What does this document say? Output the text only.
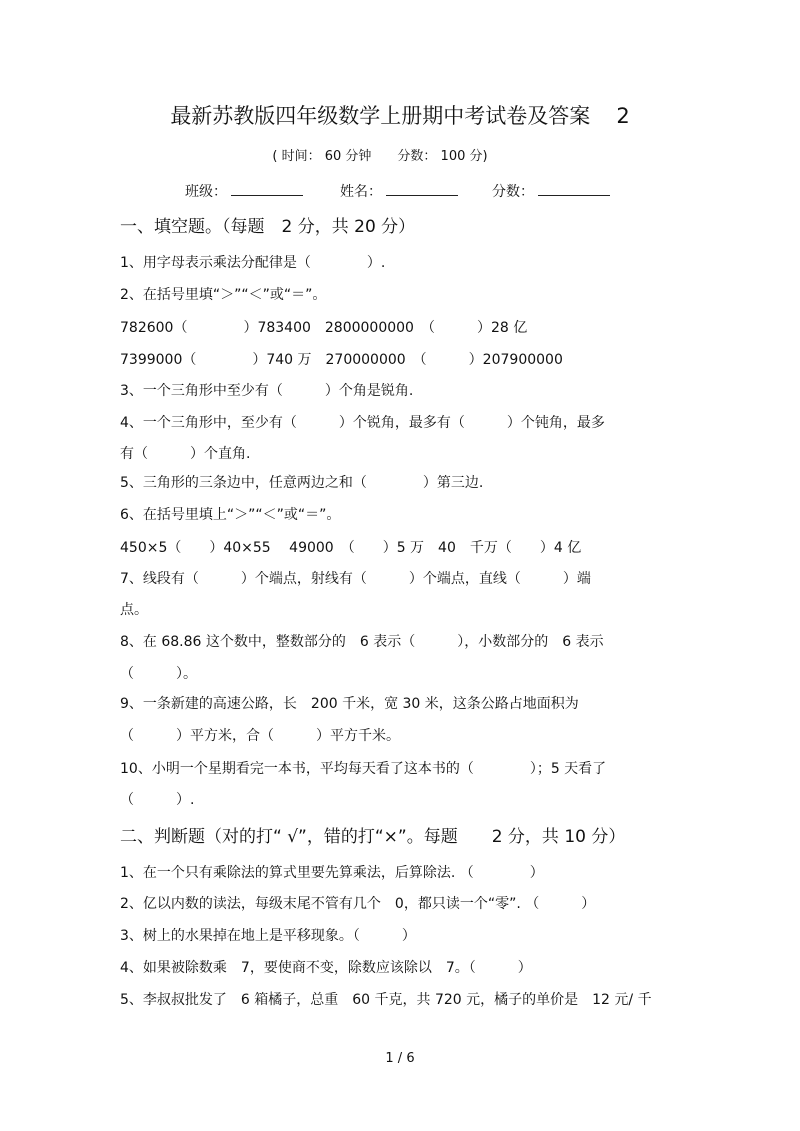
最新苏教版四年级数学上册期中考试卷及答案 2
( 时间： 60 分钟　　分数： 100 分)
班级：	姓名：	分数：
一、填空题。（每题　2 分，共 20 分）
1、用字母表示乘法分配律是（　　　　）.
2、在括号里填“＞”“＜”或“＝”。
782600（　　　　）783400　2800000000　（　　　）28 亿
7399000（　　　　）740 万　270000000　（　　　）207900000
3、一个三角形中至少有（　　　）个角是锐角.
4、一个三角形中，至少有（　　　）个锐角，最多有（　　　）个钝角，最多
有（　　　）个直角.
5、三角形的三条边中，任意两边之和（　　　　）第三边.
6、在括号里填上“＞”“＜”或“＝”。
450×5（　　）40×55　 49000　（　　）5 万　40　千万（　　）4 亿
7、线段有（　　　）个端点，射线有（　　　）个端点，直线（　　　）端
点。
8、在 68.86 这个数中，整数部分的　6 表示（　　　），小数部分的　6 表示
（　　　）。
9、一条新建的高速公路，长　200 千米，宽 30 米，这条公路占地面积为
（　　　）平方米，合（　　　）平方千米。
10、小明一个星期看完一本书，平均每天看了这本书的（　　　　）；5 天看了
（　　　）.
二、判断题（对的打“ √”，错的打“×”。每题　　2 分，共 10 分）
1、在一个只有乘除法的算式里要先算乘法，后算除法. （　　　　）
2、亿以内数的读法，每级末尾不管有几个　0，都只读一个“零”. （　　　）
3、树上的水果掉在地上是平移现象。（　　　）
4、如果被除数乘　7，要使商不变，除数应该除以　7。（　　　）
5、李叔叔批发了　6 箱橘子，总重　60 千克，共 720 元，橘子的单价是　12 元/ 千
1 / 6
